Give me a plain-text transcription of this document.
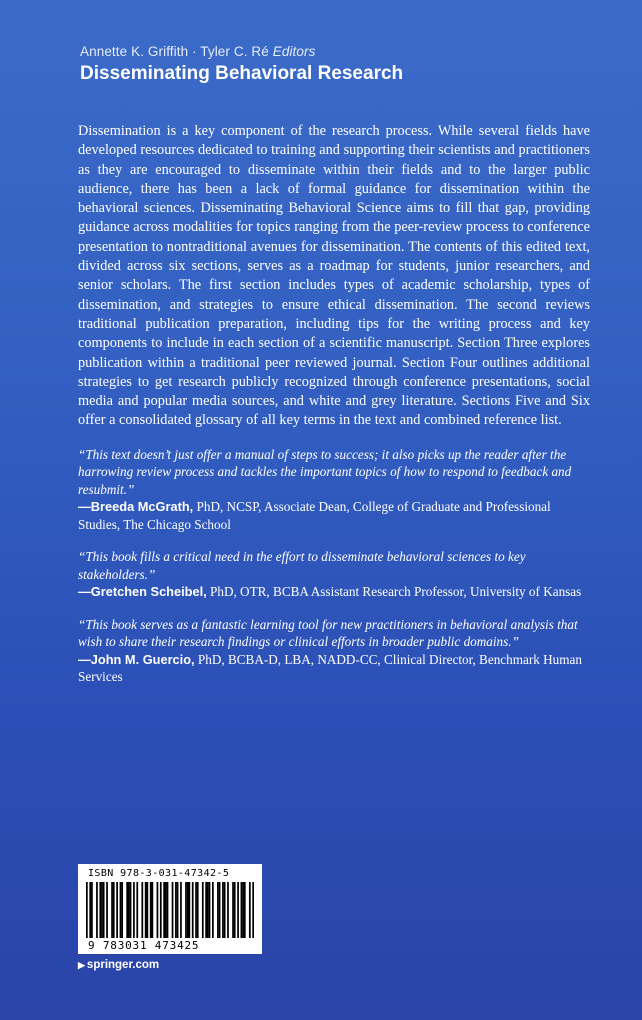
Annette K. Griffith · Tyler C. Ré Editors
Disseminating Behavioral Research

Dissemination is a key component of the research process. While several fields have developed resources dedicated to training and supporting their scientists and practitioners as they are encouraged to disseminate within their fields and to the larger public audience, there has been a lack of formal guidance for dissemination within the behavioral sciences. Disseminating Behavioral Science aims to fill that gap, providing guidance across modalities for topics ranging from the peer-review process to conference presentation to nontraditional avenues for dissemination. The contents of this edited text, divided across six sections, serves as a roadmap for students, junior researchers, and senior scholars. The first section includes types of academic scholarship, types of dissemination, and strategies to ensure ethical dissemination. The second reviews traditional publication preparation, including tips for the writing process and key components to include in each section of a scientific manuscript. Section Three explores publication within a traditional peer reviewed journal. Section Four outlines additional strategies to get research publicly recognized through conference presentations, social media and popular media sources, and white and grey literature. Sections Five and Six offer a consolidated glossary of all key terms in the text and combined reference list.

“This text doesn’t just offer a manual of steps to success; it also picks up the reader after the harrowing review process and tackles the important topics of how to respond to feedback and resubmit.”
—Breeda McGrath, PhD, NCSP, Associate Dean, College of Graduate and Professional Studies, The Chicago School
“This book fills a critical need in the effort to disseminate behavioral sciences to key stakeholders.”
—Gretchen Scheibel, PhD, OTR, BCBA Assistant Research Professor, University of Kansas
“This book serves as a fantastic learning tool for new practitioners in behavioral analysis that wish to share their research findings or clinical efforts in broader public domains.”
—John M. Guercio, PhD, BCBA-D, LBA, NADD-CC, Clinical Director, Benchmark Human Services
ISBN 978-3-031-47342-5
9 783031 473425
▶ springer.com
